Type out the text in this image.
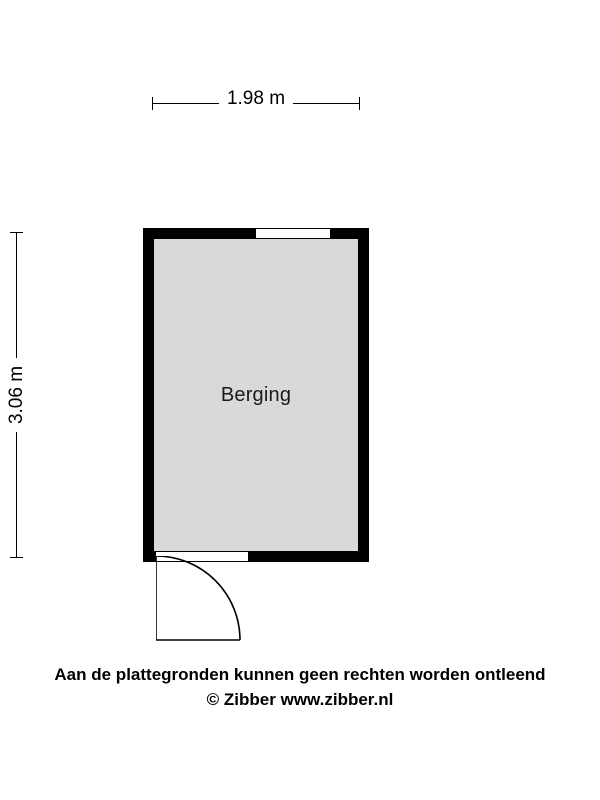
1.98 m
3.06 m	Berging
Aan de plattegronden kunnen geen rechten worden ontleend
© Zibber www.zibber.nl
